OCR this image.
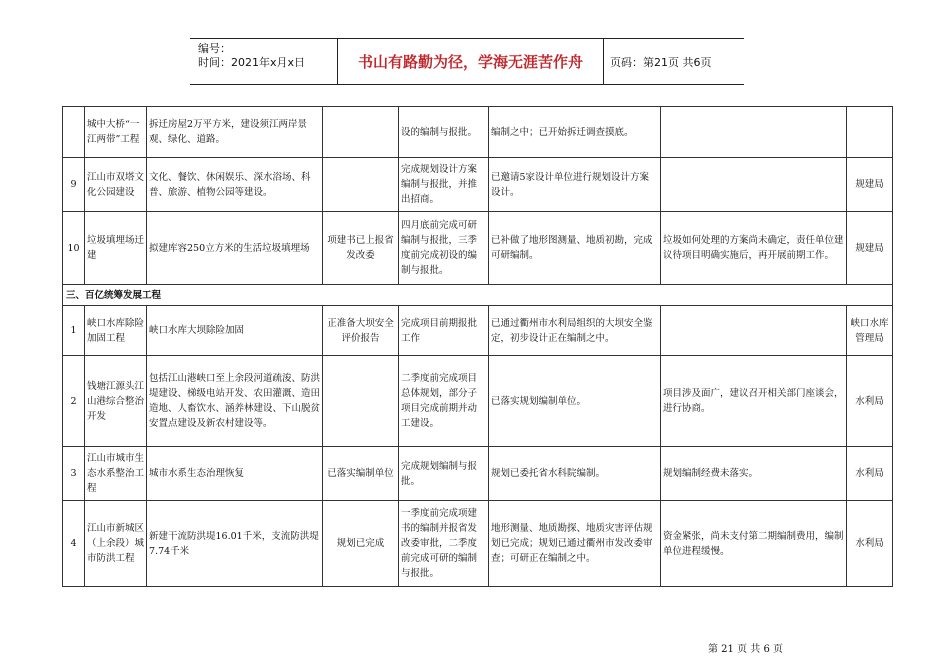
编号：
时间：2021年x月x日	书山有路勤为径，学海无涯苦作舟	页码：第21页 共6页
	城中大桥“一江两带”工程	拆迁房屋2万平方米，建设须江两岸景观、绿化、道路。		设的编制与报批。	编制之中；已开始拆迁调查摸底。		
9	江山市双塔文化公园建设	文化、餐饮、休闲娱乐、深水浴场、科普、旅游、植物公园等建设。		完成规划设计方案编制与报批，并推出招商。	已邀请5家设计单位进行规划设计方案设计。		规建局
10	垃圾填埋场迁建	拟建库容250立方米的生活垃圾填埋场	项建书已上报省发改委	四月底前完成可研编制与报批，三季度前完成初设的编制与报批。	已补做了地形图测量、地质初勘，完成可研编制。	垃圾如何处理的方案尚未确定，责任单位建议待项目明确实施后，再开展前期工作。	规建局
三、百亿统筹发展工程							
1	峡口水库除险加固工程	峡口水库大坝除险加固	正准备大坝安全评价报告	完成项目前期报批工作	已通过衢州市水利局组织的大坝安全鉴定，初步设计正在编制之中。		峡口水库管理局
2	钱塘江源头江山港综合整治开发	包括江山港峡口至上余段河道疏浚、防洪堤建设、梯级电站开发、农田灌溉、造田造地、人畜饮水、涵养林建设、下山脱贫安置点建设及新农村建设等。		二季度前完成项目总体规划，部分子项目完成前期并动工建设。	已落实规划编制单位。	项目涉及面广，建议召开相关部门座谈会，进行协商。	水利局
3	江山市城市生态水系整治工程	城市水系生态治理恢复	已落实编制单位	完成规划编制与报批。	规划已委托省水科院编制。	规划编制经费未落实。	水利局
4	江山市新城区（上余段）城市防洪工程	新建干流防洪堤16.01千米，支流防洪堤7.74千米	规划已完成	一季度前完成项建书的编制并报省发改委审批，二季度前完成可研的编制与报批。	地形测量、地质勘探、地质灾害评估规划已完成；规划已通过衢州市发改委审查；可研正在编制之中。	资金紧张，尚未支付第二期编制费用，编制单位进程缓慢。	水利局
第 21 页 共 6 页
